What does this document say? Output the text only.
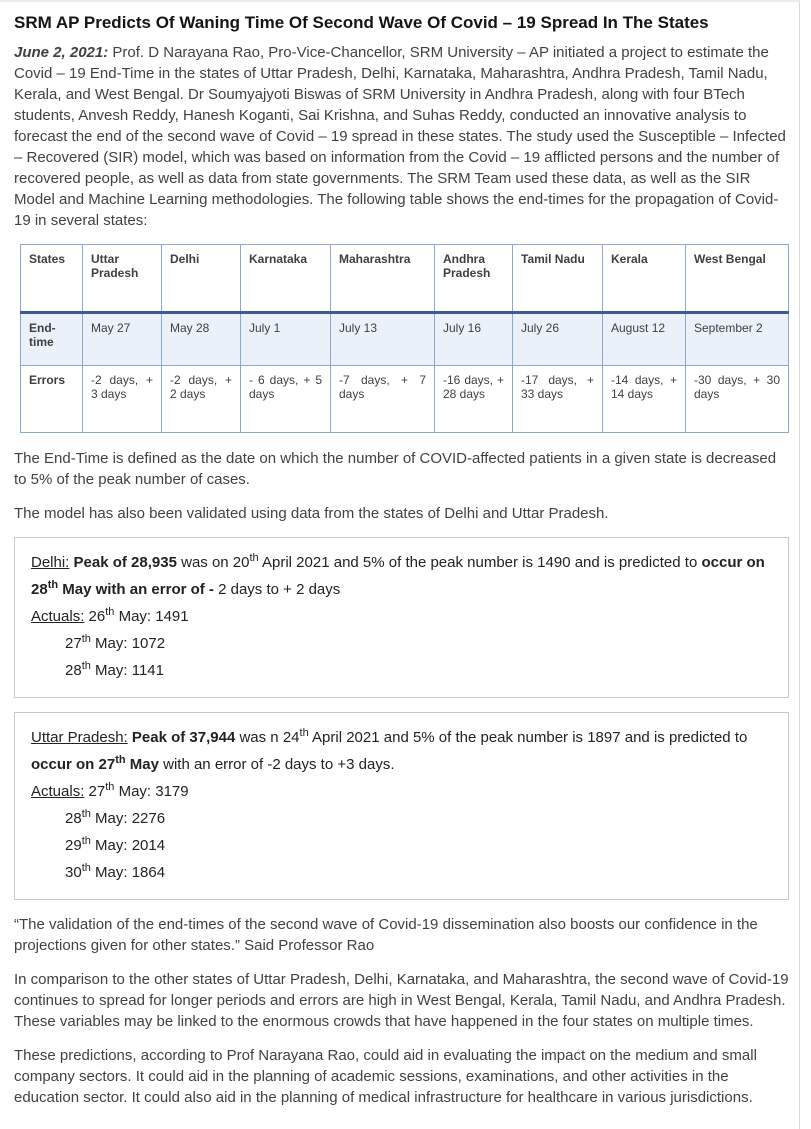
SRM AP Predicts Of Waning Time Of Second Wave Of Covid – 19 Spread In The States

June 2, 2021: Prof. D Narayana Rao, Pro-Vice-Chancellor, SRM University – AP initiated a project to estimate the Covid – 19 End-Time in the states of Uttar Pradesh, Delhi, Karnataka, Maharashtra, Andhra Pradesh, Tamil Nadu, Kerala, and West Bengal. Dr Soumyajyoti Biswas of SRM University in Andhra Pradesh, along with four BTech students, Anvesh Reddy, Hanesh Koganti, Sai Krishna, and Suhas Reddy, conducted an innovative analysis to forecast the end of the second wave of Covid – 19 spread in these states. The study used the Susceptible – Infected – Recovered (SIR) model, which was based on information from the Covid – 19 afflicted persons and the number of recovered people, as well as data from state governments. The SRM Team used these data, as well as the SIR Model and Machine Learning methodologies. The following table shows the end-times for the propagation of Covid-19 in several states:

States	Uttar Pradesh	Delhi	Karnataka	Maharashtra	Andhra Pradesh	Tamil Nadu	Kerala	West Bengal
End-time	May 27	May 28	July 1	July 13	July 16	July 26	August 12	September 2
Errors	-2 days, + 3 days	-2 days, + 2 days	- 6 days, + 5 days	-7 days, + 7 days	-16 days, + 28 days	-17 days, + 33 days	-14 days, + 14 days	-30 days, + 30 days

The End-Time is defined as the date on which the number of COVID-affected patients in a given state is decreased to 5% of the peak number of cases.

The model has also been validated using data from the states of Delhi and Uttar Pradesh.

Delhi: Peak of 28,935 was on 20th April 2021 and 5% of the peak number is 1490 and is predicted to occur on 28th May with an error of - 2 days to + 2 days

Actuals: 26th May: 1491

27th May: 1072

28th May: 1141

Uttar Pradesh: Peak of 37,944 was n 24th April 2021 and 5% of the peak number is 1897 and is predicted to occur on 27th May with an error of -2 days to +3 days.

Actuals: 27th May: 3179

28th May: 2276

29th May: 2014

30th May: 1864

“The validation of the end-times of the second wave of Covid-19 dissemination also boosts our confidence in the projections given for other states.” Said Professor Rao

In comparison to the other states of Uttar Pradesh, Delhi, Karnataka, and Maharashtra, the second wave of Covid-19 continues to spread for longer periods and errors are high in West Bengal, Kerala, Tamil Nadu, and Andhra Pradesh. These variables may be linked to the enormous crowds that have happened in the four states on multiple times.

These predictions, according to Prof Narayana Rao, could aid in evaluating the impact on the medium and small company sectors. It could aid in the planning of academic sessions, examinations, and other activities in the education sector. It could also aid in the planning of medical infrastructure for healthcare in various jurisdictions.
